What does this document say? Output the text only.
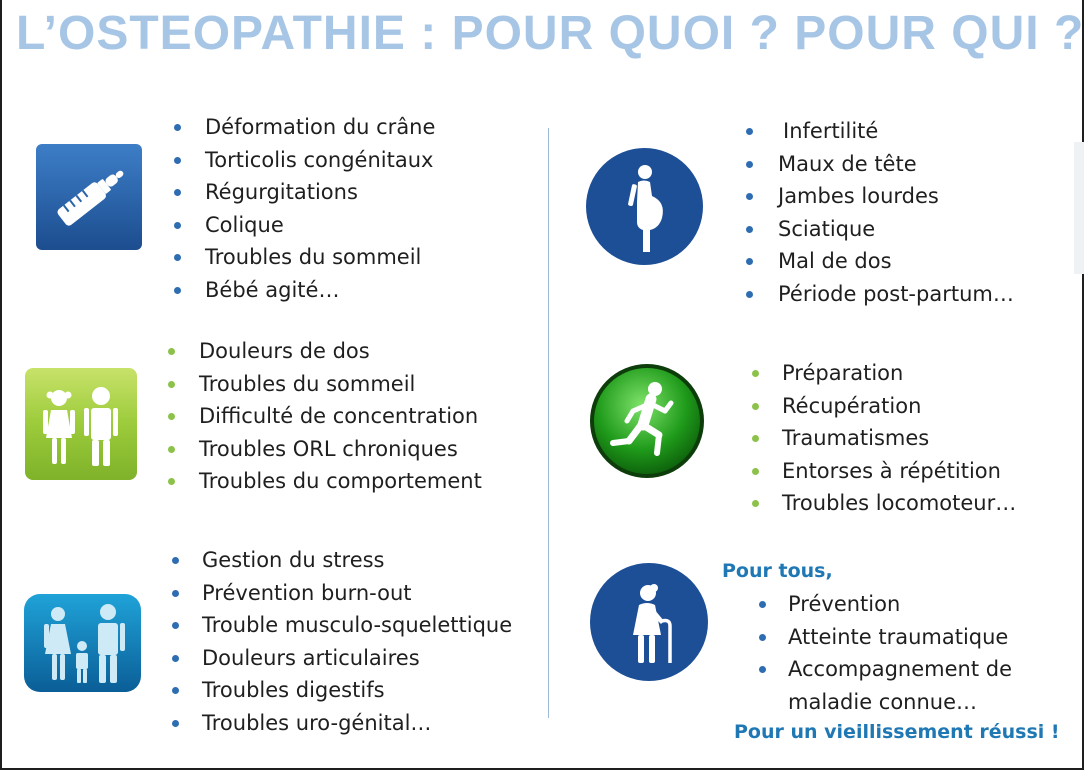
L’OSTEOPATHIE : POUR QUOI ? POUR QUI ?
Déformation du crâne
Torticolis congénitaux
Régurgitations
Colique
Troubles du sommeil
Bébé agité…
Douleurs de dos
Troubles du sommeil
Difficulté de concentration
Troubles ORL chroniques
Troubles du comportement
Gestion du stress
Prévention burn-out
Trouble musculo-squelettique
Douleurs articulaires
Troubles digestifs
Troubles uro-génital…
Infertilité
Maux de tête
Jambes lourdes
Sciatique
Mal de dos
Période post-partum…
Préparation
Récupération
Traumatismes
Entorses à répétition
Troubles locomoteur…
Pour tous,
Prévention
Atteinte traumatique
Accompagnement de
maladie connue…
Pour un vieillissement réussi !
